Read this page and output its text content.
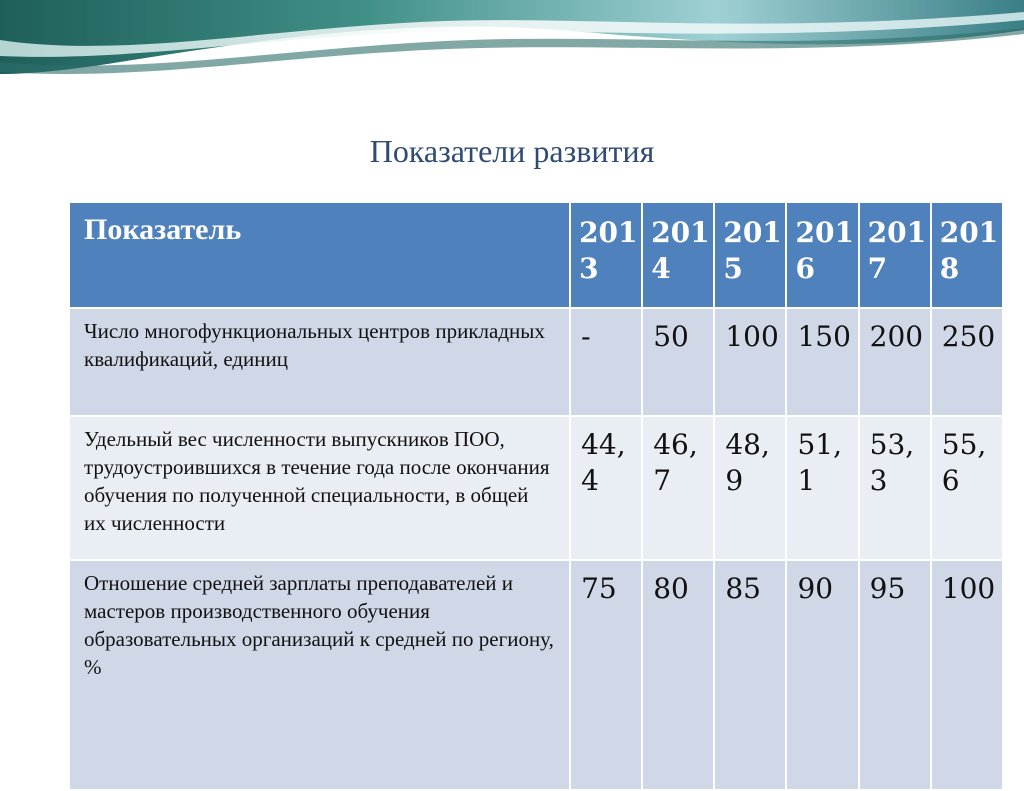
Показатели развития
Показатель	2013	2014	2015	2016	2017	2018
Число многофункциональных центров прикладных квалификаций, единиц	-	50	100	150	200	250
Удельный вес численности выпускников ПОО, трудоустроившихся в течение года после окончания обучения по полученной специальности, в общей их численности	44,4	46,7	48,9	51,1	53,3	55,6
Отношение средней зарплаты преподавателей и мастеров производственного обучения образовательных организаций к средней по региону, %	75	80	85	90	95	100
